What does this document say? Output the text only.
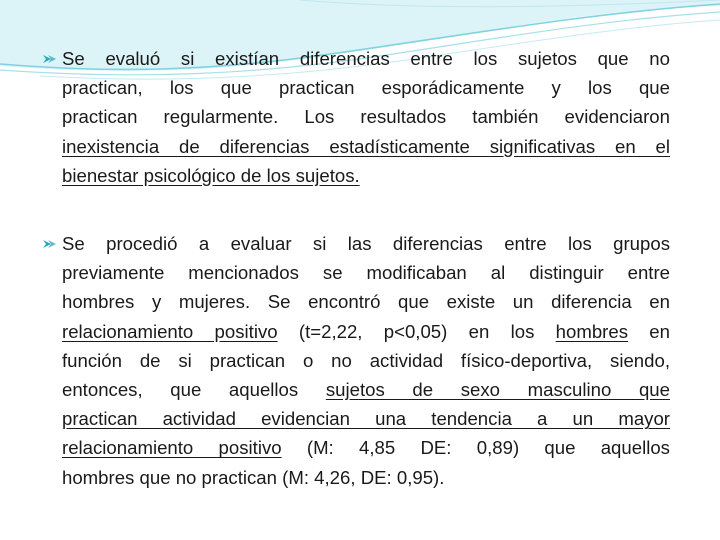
Se evaluó si existían diferencias entre los sujetos que no
practican, los que practican esporádicamente y los que
practican regularmente. Los resultados también evidenciaron
inexistencia de diferencias estadísticamente significativas en el
bienestar psicológico de los sujetos.
Se procedió a evaluar si las diferencias entre los grupos
previamente mencionados se modificaban al distinguir entre
hombres y mujeres. Se encontró que existe un diferencia en
relacionamiento positivo (t=2,22, p<0,05) en los hombres en
función de si practican o no actividad físico-deportiva, siendo,
entonces, que aquellos sujetos de sexo masculino que
practican actividad evidencian una tendencia a un mayor
relacionamiento positivo (M: 4,85 DE: 0,89) que aquellos
hombres que no practican (M: 4,26, DE: 0,95).
